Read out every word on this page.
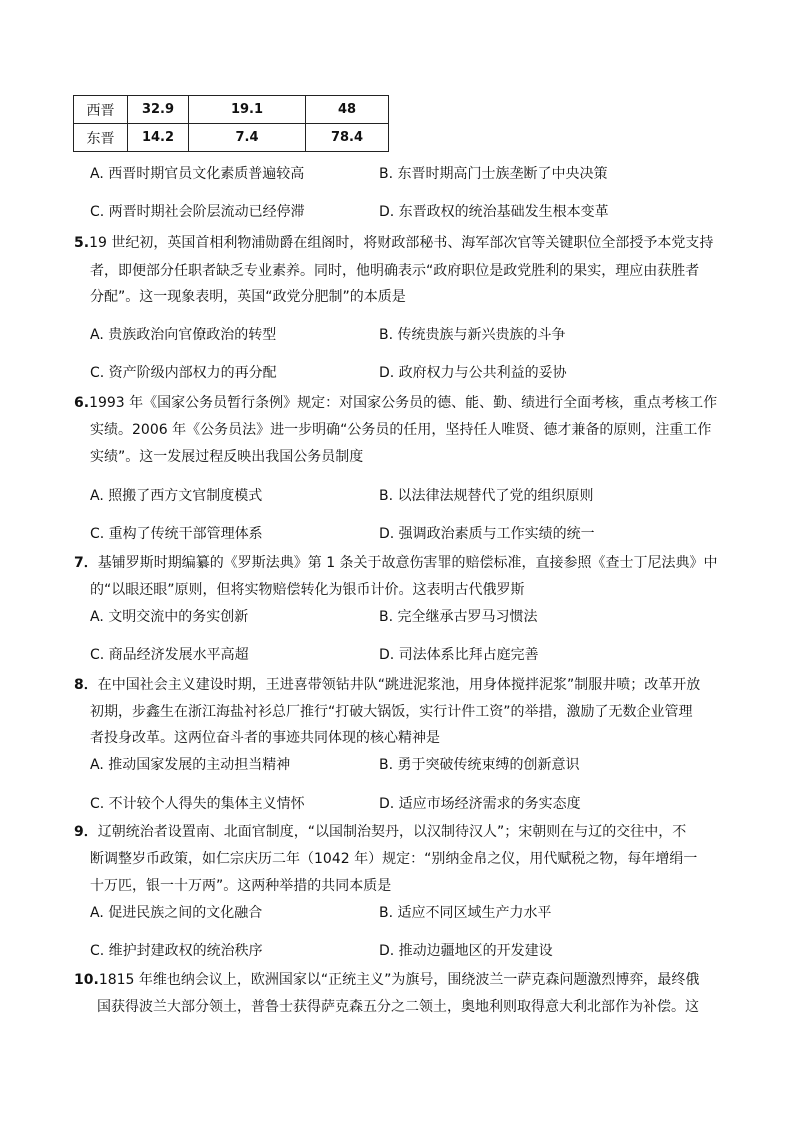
西晋	32.9	19.1	48
东晋	14.2	7.4	78.4
A. 西晋时期官员文化素质普遍较高	B. 东晋时期高门士族垄断了中央决策
C. 两晋时期社会阶层流动已经停滞	D. 东晋政权的统治基础发生根本变革
5.19 世纪初，英国首相利物浦勋爵在组阁时，将财政部秘书、海军部次官等关键职位全部授予本党支持
者，即便部分任职者缺乏专业素养。同时，他明确表示“政府职位是政党胜利的果实，理应由获胜者
分配”。这一现象表明，英国“政党分肥制”的本质是
A. 贵族政治向官僚政治的转型	B. 传统贵族与新兴贵族的斗争
C. 资产阶级内部权力的再分配	D. 政府权力与公共利益的妥协
6.1993 年《国家公务员暂行条例》规定：对国家公务员的德、能、勤、绩进行全面考核，重点考核工作
实绩。2006 年《公务员法》进一步明确“公务员的任用，坚持任人唯贤、德才兼备的原则，注重工作
实绩”。这一发展过程反映出我国公务员制度
A. 照搬了西方文官制度模式	B. 以法律法规替代了党的组织原则
C. 重构了传统干部管理体系	D. 强调政治素质与工作实绩的统一
7．基铺罗斯时期编纂的《罗斯法典》第 1 条关于故意伤害罪的赔偿标准，直接参照《查士丁尼法典》中
的“以眼还眼”原则，但将实物赔偿转化为银币计价。这表明古代俄罗斯
A. 文明交流中的务实创新	B. 完全继承古罗马习惯法
C. 商品经济发展水平高超	D. 司法体系比拜占庭完善
8．在中国社会主义建设时期，王进喜带领钻井队“跳进泥浆池，用身体搅拌泥浆”制服井喷；改革开放
初期，步鑫生在浙江海盐衬衫总厂推行“打破大锅饭，实行计件工资”的举措，激励了无数企业管理
者投身改革。这两位奋斗者的事迹共同体现的核心精神是
A. 推动国家发展的主动担当精神	B. 勇于突破传统束缚的创新意识
C. 不计较个人得失的集体主义情怀	D. 适应市场经济需求的务实态度
9．辽朝统治者设置南、北面官制度，“以国制治契丹，以汉制待汉人”；宋朝则在与辽的交往中，不
断调整岁币政策，如仁宗庆历二年（1042 年）规定：“别纳金帛之仪，用代赋税之物，每年增绢一
十万匹，银一十万两”。这两种举措的共同本质是
A. 促进民族之间的文化融合	B. 适应不同区域生产力水平
C. 维护封建政权的统治秩序	D. 推动边疆地区的开发建设
10.1815 年维也纳会议上，欧洲国家以“正统主义”为旗号，围绕波兰一萨克森问题激烈博弈，最终俄
国获得波兰大部分领土，普鲁士获得萨克森五分之二领土，奥地利则取得意大利北部作为补偿。这
